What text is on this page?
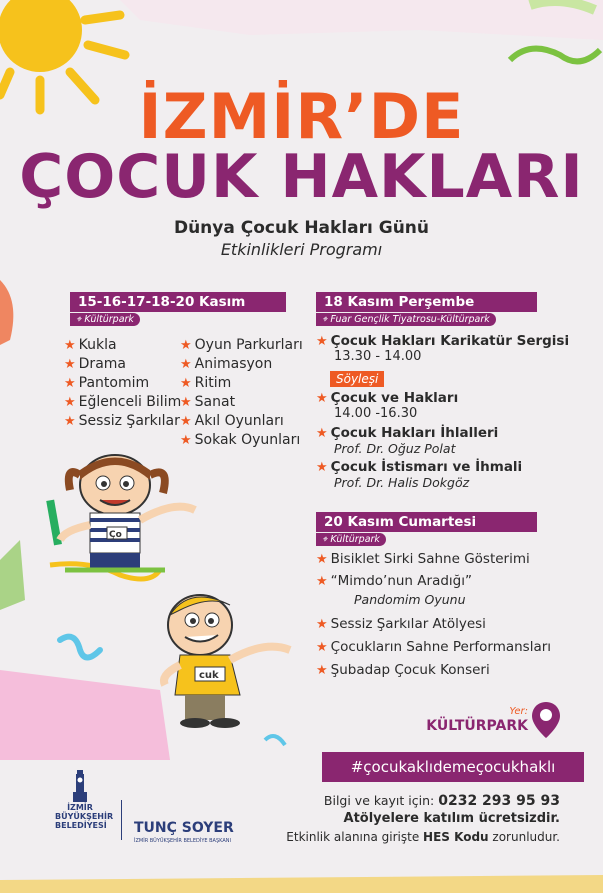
İZMİR’DE
ÇOCUK HAKLARI
Dünya Çocuk Hakları Günü
Etkinlikleri Programı
15-16-17-18-20 Kasım
⌖ Kültürpark
★ Kukla
★ Drama
★ Pantomim
★ Eğlenceli Bilim
★ Sessiz Şarkılar
★ Oyun Parkurları
★ Animasyon
★ Ritim
★ Sanat
★ Akıl Oyunları
★ Sokak Oyunları
Ço
cuk
18 Kasım Perşembe
⌖ Fuar Gençlik Tiyatrosu-Kültürpark
★ Çocuk Hakları Karikatür Sergisi
13.30 - 14.00
Söyleşi
★ Çocuk ve Hakları
14.00 -16.30
★ Çocuk Hakları İhlalleri
Prof. Dr. Oğuz Polat
★ Çocuk İstismarı ve İhmali
Prof. Dr. Halis Dokgöz
20 Kasım Cumartesi
⌖ Kültürpark
★ Bisiklet Sirki Sahne Gösterimi
★ “Mimdo’nun Aradığı”
Pandomim Oyunu
★ Sessiz Şarkılar Atölyesi
★ Çocukların Sahne Performansları
★ Şubadap Çocuk Konseri
Yer:
KÜLTÜRPARK
#çocukaklıdemeçocukhaklı
Bilgi ve kayıt için: 0232 293 95 93
Atölyelere katılım ücretsizdir.
Etkinlik alanına girişte HES Kodu zorunludur.
İZMİR
BÜYÜKŞEHİR
BELEDİYESİ TUNÇ SOYER
İZMİR BÜYÜKŞEHİR BELEDİYE BAŞKANI
